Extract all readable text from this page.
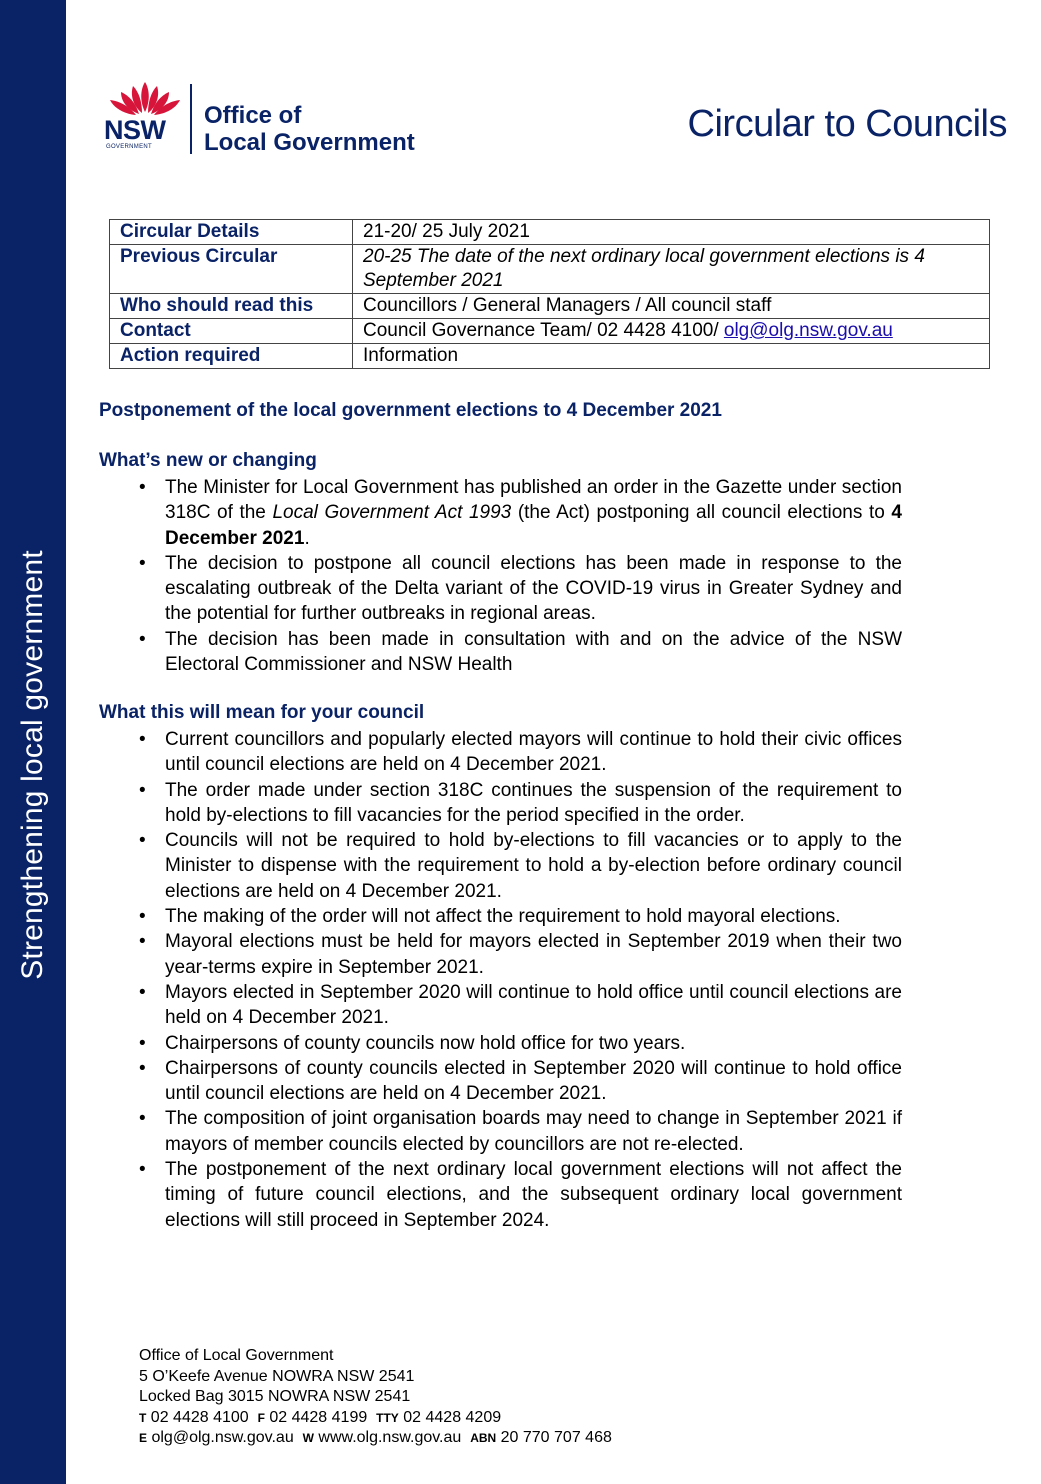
Strengthening local government
NSW
GOVERNMENT
Office of
Local Government	Circular to Councils
Circular Details	21-20/ 25 July 2021
Previous Circular	20-25 The date of the next ordinary local government elections is 4 September 2021
Who should read this	Councillors / General Managers / All council staff
Contact	Council Governance Team/ 02 4428 4100/ olg@olg.nsw.gov.au
Action required	Information
Postponement of the local government elections to 4 December 2021
What’s new or changing
• The Minister for Local Government has published an order in the Gazette under section 318C of the Local Government Act 1993 (the Act) postponing all council elections to 4 December 2021.
• The decision to postpone all council elections has been made in response to the escalating outbreak of the Delta variant of the COVID-19 virus in Greater Sydney and the potential for further outbreaks in regional areas.
• The decision has been made in consultation with and on the advice of the NSW Electoral Commissioner and NSW Health
What this will mean for your council
• Current councillors and popularly elected mayors will continue to hold their civic offices until council elections are held on 4 December 2021.
• The order made under section 318C continues the suspension of the requirement to hold by-elections to fill vacancies for the period specified in the order.
• Councils will not be required to hold by-elections to fill vacancies or to apply to the Minister to dispense with the requirement to hold a by-election before ordinary council elections are held on 4 December 2021.
• The making of the order will not affect the requirement to hold mayoral elections.
• Mayoral elections must be held for mayors elected in September 2019 when their two year-terms expire in September 2021.
• Mayors elected in September 2020 will continue to hold office until council elections are held on 4 December 2021.
• Chairpersons of county councils now hold office for two years.
• Chairpersons of county councils elected in September 2020 will continue to hold office until council elections are held on 4 December 2021.
• The composition of joint organisation boards may need to change in September 2021 if mayors of member councils elected by councillors are not re-elected.
• The postponement of the next ordinary local government elections will not affect the timing of future council elections, and the subsequent ordinary local government elections will still proceed in September 2024.
Office of Local Government
5 O’Keefe Avenue NOWRA NSW 2541
Locked Bag 3015 NOWRA NSW 2541
T 02 4428 4100 F 02 4428 4199 TTY 02 4428 4209
E olg@olg.nsw.gov.au W www.olg.nsw.gov.au ABN 20 770 707 468
